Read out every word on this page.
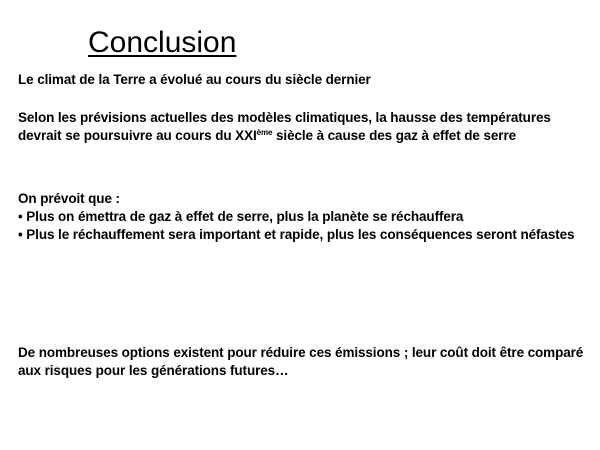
Conclusion

Le climat de la Terre a évolué au cours du siècle dernier

Selon les prévisions actuelles des modèles climatiques, la hausse des températures
devrait se poursuivre au cours du XXIème siècle à cause des gaz à effet de serre

On prévoit que :
• Plus on émettra de gaz à effet de serre, plus la planète se réchauffera
• Plus le réchauffement sera important et rapide, plus les conséquences seront néfastes

De nombreuses options existent pour réduire ces émissions ; leur coût doit être comparé aux risques pour les générations futures…
